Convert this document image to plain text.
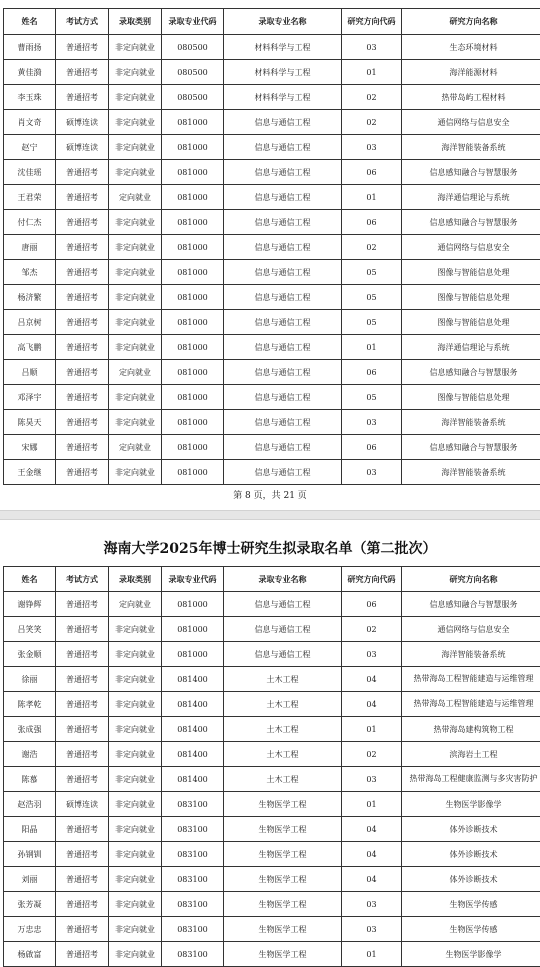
姓名	考试方式	录取类别	录取专业代码	录取专业名称	研究方向代码	研究方向名称
曹雨扬	普通招考	非定向就业	080500	材料科学与工程	03	生态环境材料
黄佳漪	普通招考	非定向就业	080500	材料科学与工程	01	海洋能源材料
李玉珠	普通招考	非定向就业	080500	材料科学与工程	02	热带岛屿工程材料
肖文奇	硕博连读	非定向就业	081000	信息与通信工程	02	通信网络与信息安全
赵宁	硕博连读	非定向就业	081000	信息与通信工程	03	海洋智能装备系统
沈佳瑶	普通招考	非定向就业	081000	信息与通信工程	06	信息感知融合与智慧服务
王君荣	普通招考	定向就业	081000	信息与通信工程	01	海洋通信理论与系统
付仁杰	普通招考	非定向就业	081000	信息与通信工程	06	信息感知融合与智慧服务
唐丽	普通招考	非定向就业	081000	信息与通信工程	02	通信网络与信息安全
邹杰	普通招考	非定向就业	081000	信息与通信工程	05	图像与智能信息处理
杨济繁	普通招考	非定向就业	081000	信息与通信工程	05	图像与智能信息处理
吕京树	普通招考	非定向就业	081000	信息与通信工程	05	图像与智能信息处理
高飞鹏	普通招考	非定向就业	081000	信息与通信工程	01	海洋通信理论与系统
吕顺	普通招考	定向就业	081000	信息与通信工程	06	信息感知融合与智慧服务
邓泽宇	普通招考	非定向就业	081000	信息与通信工程	05	图像与智能信息处理
陈昊天	普通招考	非定向就业	081000	信息与通信工程	03	海洋智能装备系统
宋娜	普通招考	定向就业	081000	信息与通信工程	06	信息感知融合与智慧服务
王金继	普通招考	非定向就业	081000	信息与通信工程	03	海洋智能装备系统
第 8 页，共 21 页
海南大学2025年博士研究生拟录取名单（第二批次）
姓名	考试方式	录取类别	录取专业代码	录取专业名称	研究方向代码	研究方向名称
谢铮辉	普通招考	定向就业	081000	信息与通信工程	06	信息感知融合与智慧服务
吕笑笑	普通招考	非定向就业	081000	信息与通信工程	02	通信网络与信息安全
张金顺	普通招考	非定向就业	081000	信息与通信工程	03	海洋智能装备系统
徐丽	普通招考	非定向就业	081400	土木工程	04	热带海岛工程智能建造与运维管理
陈孝乾	普通招考	非定向就业	081400	土木工程	04	热带海岛工程智能建造与运维管理
张成强	普通招考	非定向就业	081400	土木工程	01	热带海岛建构筑物工程
谢浩	普通招考	非定向就业	081400	土木工程	02	滨海岩土工程
陈慕	普通招考	非定向就业	081400	土木工程	03	热带海岛工程健康监测与多灾害防护
赵浩羽	硕博连读	非定向就业	083100	生物医学工程	01	生物医学影像学
阳晶	普通招考	非定向就业	083100	生物医学工程	04	体外诊断技术
孙钢钏	普通招考	非定向就业	083100	生物医学工程	04	体外诊断技术
刘丽	普通招考	非定向就业	083100	生物医学工程	04	体外诊断技术
张芳凝	普通招考	非定向就业	083100	生物医学工程	03	生物医学传感
万忠忠	普通招考	非定向就业	083100	生物医学工程	03	生物医学传感
杨啟富	普通招考	非定向就业	083100	生物医学工程	01	生物医学影像学
